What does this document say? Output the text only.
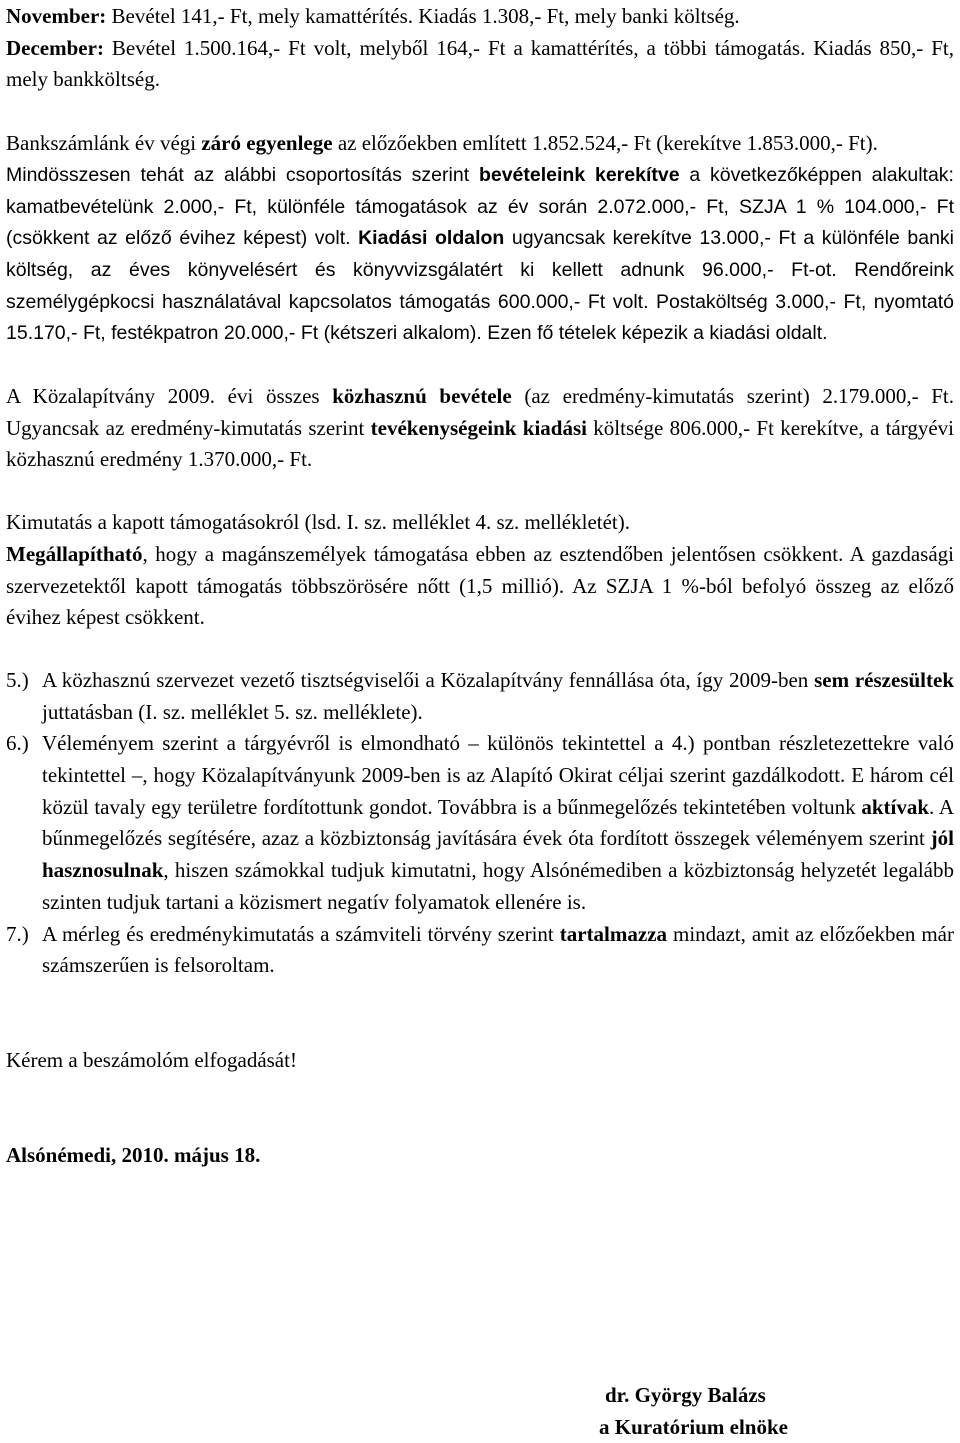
November: Bevétel 141,- Ft, mely kamattérítés. Kiadás 1.308,- Ft, mely banki költség.
December: Bevétel 1.500.164,- Ft volt, melyből 164,- Ft a kamattérítés, a többi támogatás. Kiadás 850,- Ft, mely bankköltség.

Bankszámlánk év végi záró egyenlege az előzőekben említett 1.852.524,- Ft (kerekítve 1.853.000,- Ft).

Mindösszesen tehát az alábbi csoportosítás szerint bevételeink kerekítve a következőképpen alakultak: kamatbevételünk 2.000,- Ft, különféle támogatások az év során 2.072.000,- Ft, SZJA 1 % 104.000,- Ft (csökkent az előző évihez képest) volt. Kiadási oldalon ugyancsak kerekítve 13.000,- Ft a különféle banki költség, az éves könyvelésért és könyvvizsgálatért ki kellett adnunk 96.000,- Ft-ot. Rendőreink személygépkocsi használatával kapcsolatos támogatás 600.000,- Ft volt. Postaköltség 3.000,- Ft, nyomtató 15.170,- Ft, festékpatron 20.000,- Ft (kétszeri alkalom). Ezen fő tételek képezik a kiadási oldalt.

A Közalapítvány 2009. évi összes közhasznú bevétele (az eredmény-kimutatás szerint) 2.179.000,- Ft. Ugyancsak az eredmény-kimutatás szerint tevékenységeink kiadási költsége 806.000,- Ft kerekítve, a tárgyévi közhasznú eredmény 1.370.000,- Ft.

Kimutatás a kapott támogatásokról (lsd. I. sz. melléklet 4. sz. mellékletét).
Megállapítható, hogy a magánszemélyek támogatása ebben az esztendőben jelentősen csökkent. A gazdasági szervezetektől kapott támogatás többszörösére nőtt (1,5 millió). Az SZJA 1 %-ból befolyó összeg az előző évihez képest csökkent.

5.) A közhasznú szervezet vezető tisztségviselői a Közalapítvány fennállása óta, így 2009-ben sem részesültek juttatásban (I. sz. melléklet 5. sz. melléklete).
6.) Véleményem szerint a tárgyévről is elmondható – különös tekintettel a 4.) pontban részletezettekre való tekintettel –, hogy Közalapítványunk 2009-ben is az Alapító Okirat céljai szerint gazdálkodott. E három cél közül tavaly egy területre fordítottunk gondot. Továbbra is a bűnmegelőzés tekintetében voltunk aktívak. A bűnmegelőzés segítésére, azaz a közbiztonság javítására évek óta fordított összegek véleményem szerint jól hasznosulnak, hiszen számokkal tudjuk kimutatni, hogy Alsónémediben a közbiztonság helyzetét legalább szinten tudjuk tartani a közismert negatív folyamatok ellenére is.
7.) A mérleg és eredménykimutatás a számviteli törvény szerint tartalmazza mindazt, amit az előzőekben már számszerűen is felsoroltam.

Kérem a beszámolóm elfogadását!

Alsónémedi, 2010. május 18.

dr. György Balázs
a Kuratórium elnöke
